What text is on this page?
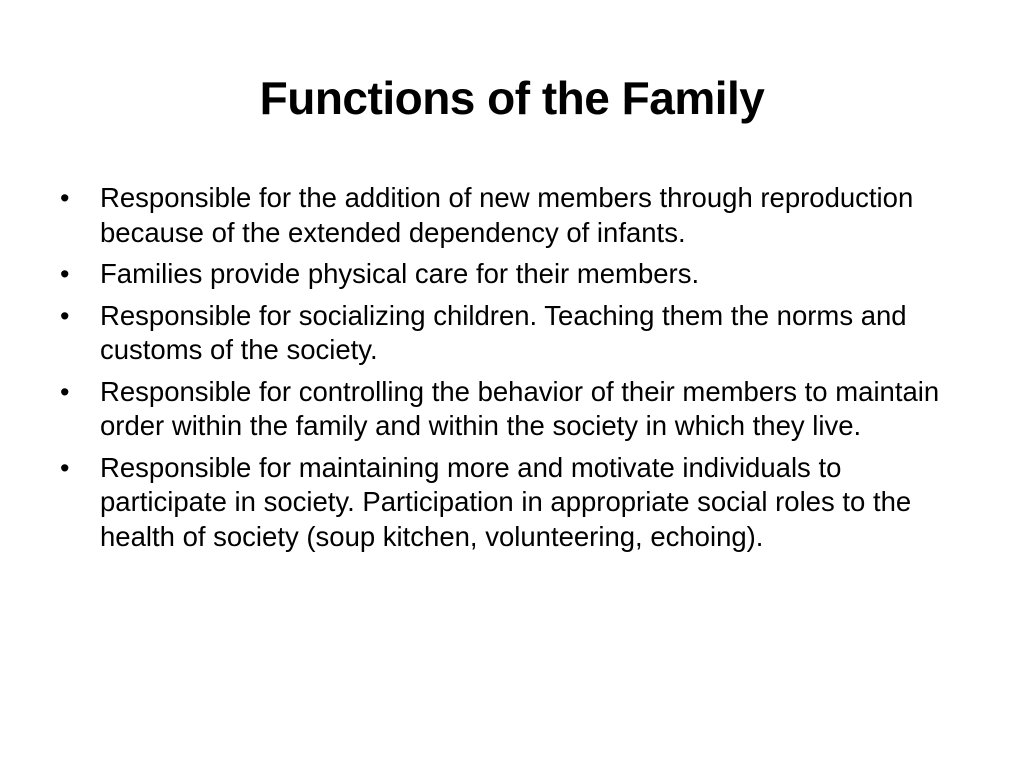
Functions of the Family
•	Responsible for the addition of new members through reproduction because of the extended dependency of infants.
•	Families provide physical care for their members.
•	Responsible for socializing children. Teaching them the norms and customs of the society.
•	Responsible for controlling the behavior of their members to maintain order within the family and within the society in which they live.
•	Responsible for maintaining more and motivate individuals to participate in society. Participation in appropriate social roles to the health of society (soup kitchen, volunteering, echoing).
